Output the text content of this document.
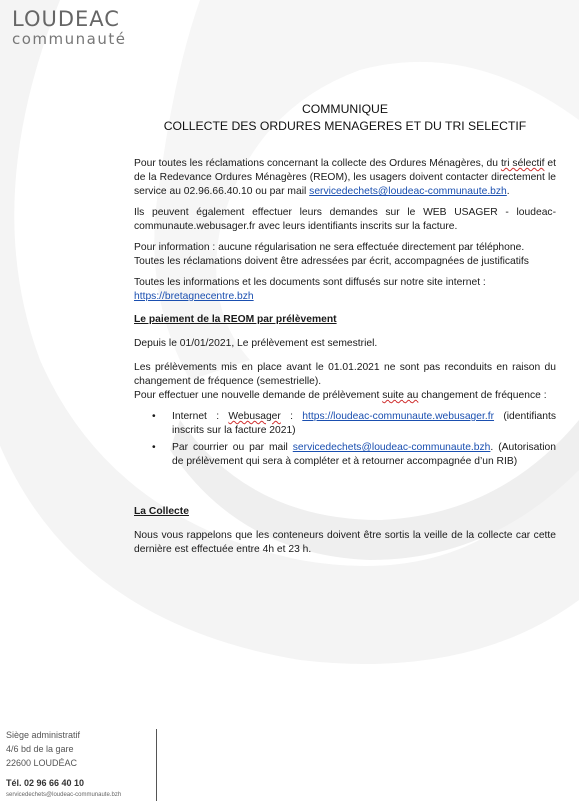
LOUDEAC
communauté
COMMUNIQUE
COLLECTE DES ORDURES MENAGERES ET DU TRI SELECTIF

Pour toutes les réclamations concernant la collecte des Ordures Ménagères, du tri sélectif et de la Redevance Ordures Ménagères (REOM), les usagers doivent contacter directement le service au 02.96.66.40.10 ou par mail servicedechets@loudeac-communaute.bzh.

Ils peuvent également effectuer leurs demandes sur le WEB USAGER - loudeac-communaute.webusager.fr avec leurs identifiants inscrits sur la facture.

Pour information : aucune régularisation ne sera effectuée directement par téléphone.
Toutes les réclamations doivent être adressées par écrit, accompagnées de justificatifs

Toutes les informations et les documents sont diffusés sur notre site internet :
https://bretagnecentre.bzh

Le paiement de la REOM par prélèvement

Depuis le 01/01/2021, Le prélèvement est semestriel.

Les prélèvements mis en place avant le 01.01.2021 ne sont pas reconduits en raison du changement de fréquence (semestrielle).

Pour effectuer une nouvelle demande de prélèvement suite au changement de fréquence :

• Internet : Webusager : https://loudeac-communaute.webusager.fr (identifiants inscrits sur la facture 2021)
• Par courrier ou par mail servicedechets@loudeac-communaute.bzh. (Autorisation de prélèvement qui sera à compléter et à retourner accompagnée d’un RIB)
La Collecte

Nous vous rappelons que les conteneurs doivent être sortis la veille de la collecte car cette dernière est effectuée entre 4h et 23 h.

Siège administratif
4/6 bd de la gare
22600 LOUDÉAC
Tél. 02 96 66 40 10
servicedechets@loudeac-communaute.bzh
